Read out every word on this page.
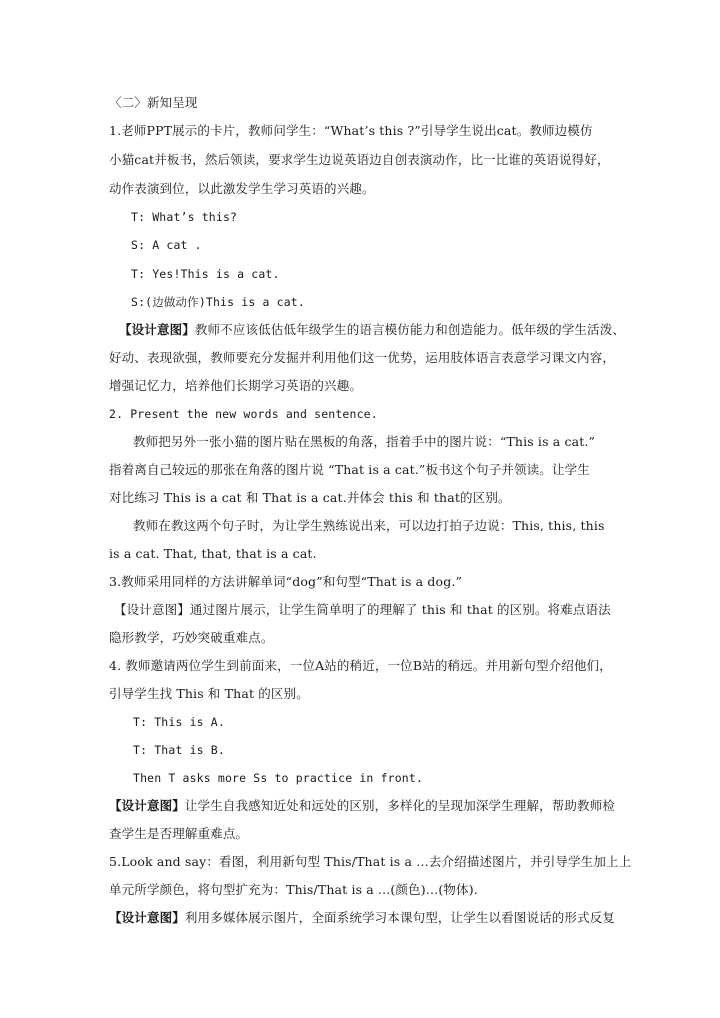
〈二〉新知呈现
1.老师PPT展示的卡片，教师问学生：“What’s this ?”引导学生说出cat。教师边模仿
小猫cat并板书，然后领读，要求学生边说英语边自创表演动作，比一比谁的英语说得好，
动作表演到位，以此激发学生学习英语的兴趣。
T: What’s this?
S: A cat .
T: Yes!This is a cat.
S:(边做动作)This is a cat.
【设计意图】教师不应该低估低年级学生的语言模仿能力和创造能力。低年级的学生活泼、
好动、表现欲强，教师要充分发掘并利用他们这一优势，运用肢体语言表意学习课文内容，
增强记忆力，培养他们长期学习英语的兴趣。
2. Present the new words and sentence.
教师把另外一张小猫的图片贴在黑板的角落，指着手中的图片说：“This is a cat.”
指着离自己较远的那张在角落的图片说 “That is a cat.”板书这个句子并领读。让学生
对比练习 This is a cat 和 That is a cat.并体会 this 和 that的区别。
教师在教这两个句子时，为让学生熟练说出来，可以边打拍子边说：This, this, this
is a cat. That, that, that is a cat.
3.教师采用同样的方法讲解单词“dog”和句型“That is a dog.”
【设计意图】通过图片展示，让学生简单明了的理解了 this 和 that 的区别。将难点语法
隐形教学，巧妙突破重难点。
4. 教师邀请两位学生到前面来，一位A站的稍近，一位B站的稍远。并用新句型介绍他们，
引导学生找 This 和 That 的区别。
T: This is A.
T: That is B.
Then T asks more Ss to practice in front.
【设计意图】让学生自我感知近处和远处的区别，多样化的呈现加深学生理解，帮助教师检
查学生是否理解重难点。
5.Look and say：看图，利用新句型 This/That is a …去介绍描述图片，并引导学生加上上
单元所学颜色，将句型扩充为：This/That is a ...(颜色)…(物体).
【设计意图】利用多媒体展示图片，全面系统学习本课句型，让学生以看图说话的形式反复
